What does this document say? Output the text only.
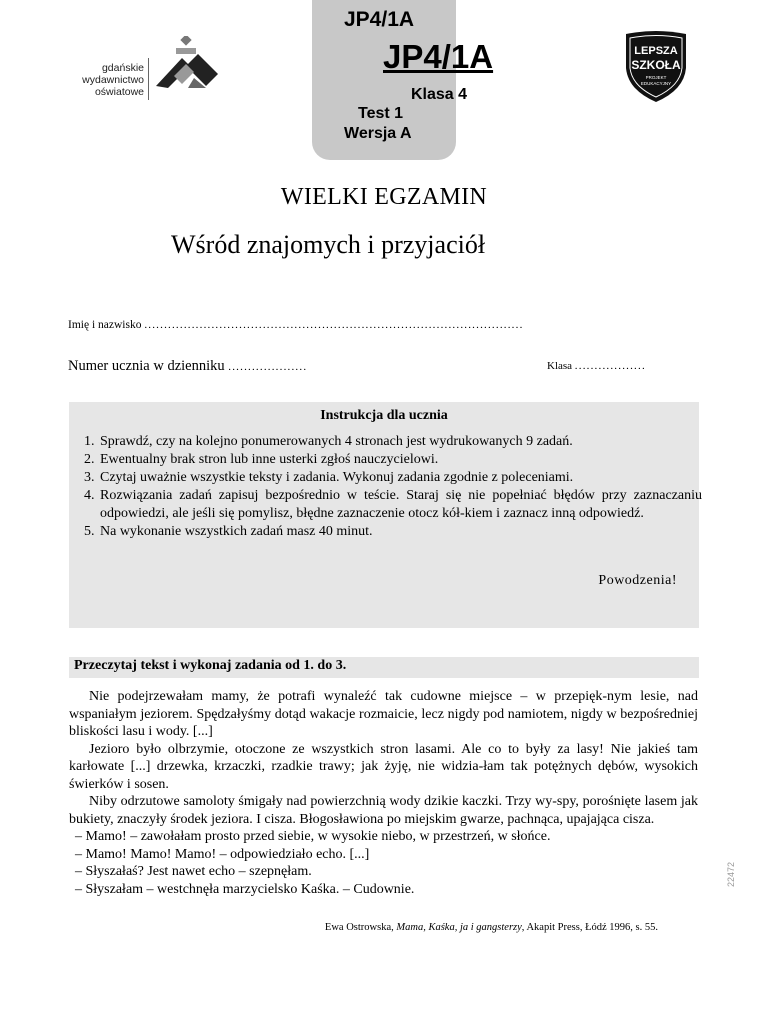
JP4/1A
JP4/1A
Klasa 4
Test 1
Wersja A
gdańskie
wydawnictwo
oświatowe
LEPSZA
SZKOŁA
PROJEKT
EDUKACYJNY
WIELKI EGZAMIN
Wśród znajomych i przyjaciół
Imię i nazwisko ................................................................................................
Numer ucznia w dzienniku ....................	Klasa ..................
Instrukcja dla ucznia
1. Sprawdź, czy na kolejno ponumerowanych 4 stronach jest wydrukowanych 9 zadań.
2. Ewentualny brak stron lub inne usterki zgłoś nauczycielowi.
3. Czytaj uważnie wszystkie teksty i zadania. Wykonuj zadania zgodnie z poleceniami.
4. Rozwiązania zadań zapisuj bezpośrednio w teście. Staraj się nie popełniać błędów przy zaznaczaniu odpowiedzi, ale jeśli się pomylisz, błędne zaznaczenie otocz kół-kiem i zaznacz inną odpowiedź.
5. Na wykonanie wszystkich zadań masz 40 minut.
Powodzenia!
Przeczytaj tekst i wykonaj zadania od 1. do 3.

Nie podejrzewałam mamy, że potrafi wynaleźć tak cudowne miejsce – w przepięk-nym lesie, nad wspaniałym jeziorem. Spędzałyśmy dotąd wakacje rozmaicie, lecz nigdy pod namiotem, nigdy w bezpośredniej bliskości lasu i wody. [...]

Jezioro było olbrzymie, otoczone ze wszystkich stron lasami. Ale co to były za lasy! Nie jakieś tam karłowate [...] drzewka, krzaczki, rzadkie trawy; jak żyję, nie widzia-łam tak potężnych dębów, wysokich świerków i sosen.

Niby odrzutowe samoloty śmigały nad powierzchnią wody dzikie kaczki. Trzy wy-spy, porośnięte lasem jak bukiety, znaczyły środek jeziora. I cisza. Błogosławiona po miejskim gwarze, pachnąca, upajająca cisza.

– Mamo! – zawołałam prosto przed siebie, w wysokie niebo, w przestrzeń, w słońce.

– Mamo! Mamo! Mamo! – odpowiedziało echo. [...]

– Słyszałaś? Jest nawet echo – szepnęłam.

– Słyszałam – westchnęła marzycielsko Kaśka. – Cudownie.

Ewa Ostrowska, Mama, Kaśka, ja i gangsterzy, Akapit Press, Łódź 1996, s. 55.
22472
